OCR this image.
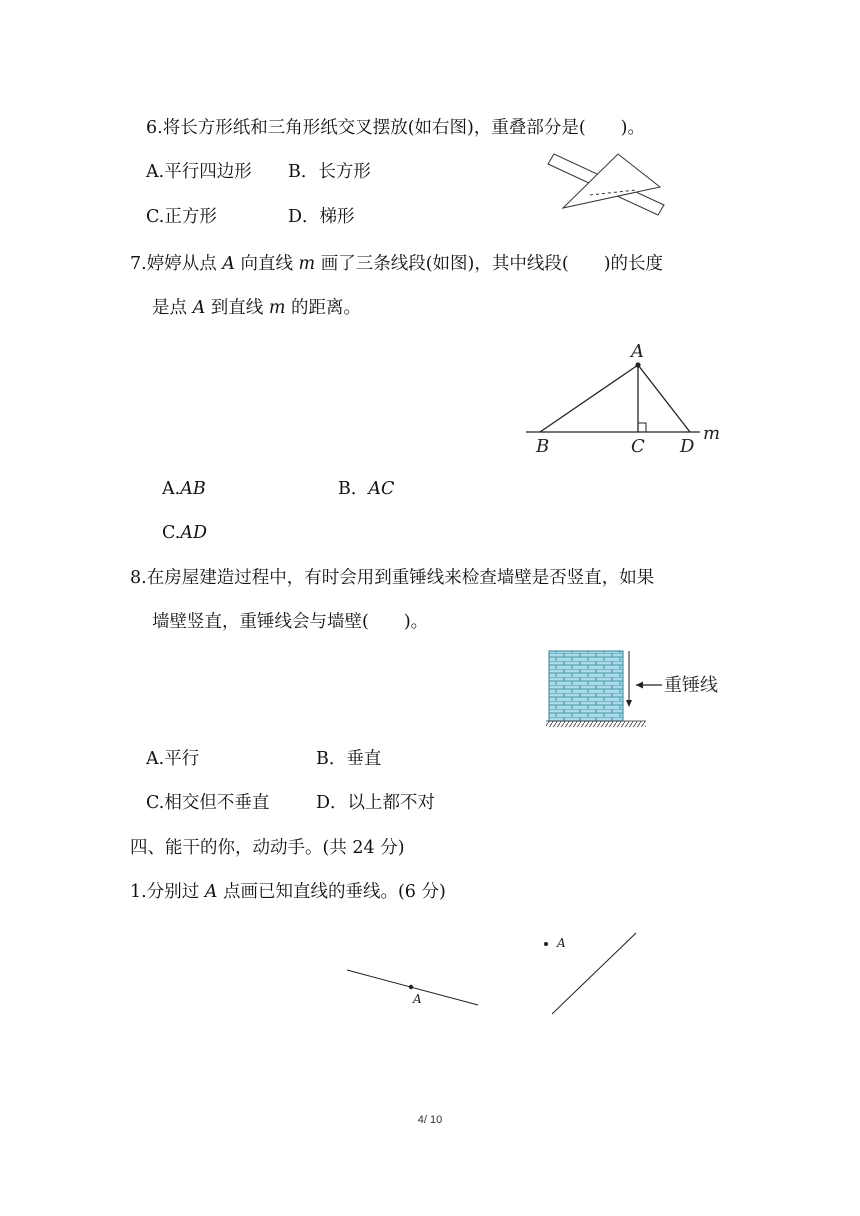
6.将长方形纸和三角形纸交叉摆放(如右图)，重叠部分是(　　)。
A.平行四边形 B．长方形
C.正方形	D．梯形
7.婷婷从点 A 向直线 m 画了三条线段(如图)，其中线段(　　)的长度
是点 A 到直线 m 的距离。
A
B	C D
m
A.AB	B．AC
C.AD
8.在房屋建造过程中，有时会用到重锤线来检查墙壁是否竖直，如果
墙壁竖直，重锤线会与墙壁(　　)。
重锤线
A.平行	B．垂直
C.相交但不垂直	D．以上都不对
四、能干的你，动动手。(共 24 分)
1.分别过 A 点画已知直线的垂线。(6 分)
A
A
4/ 10
